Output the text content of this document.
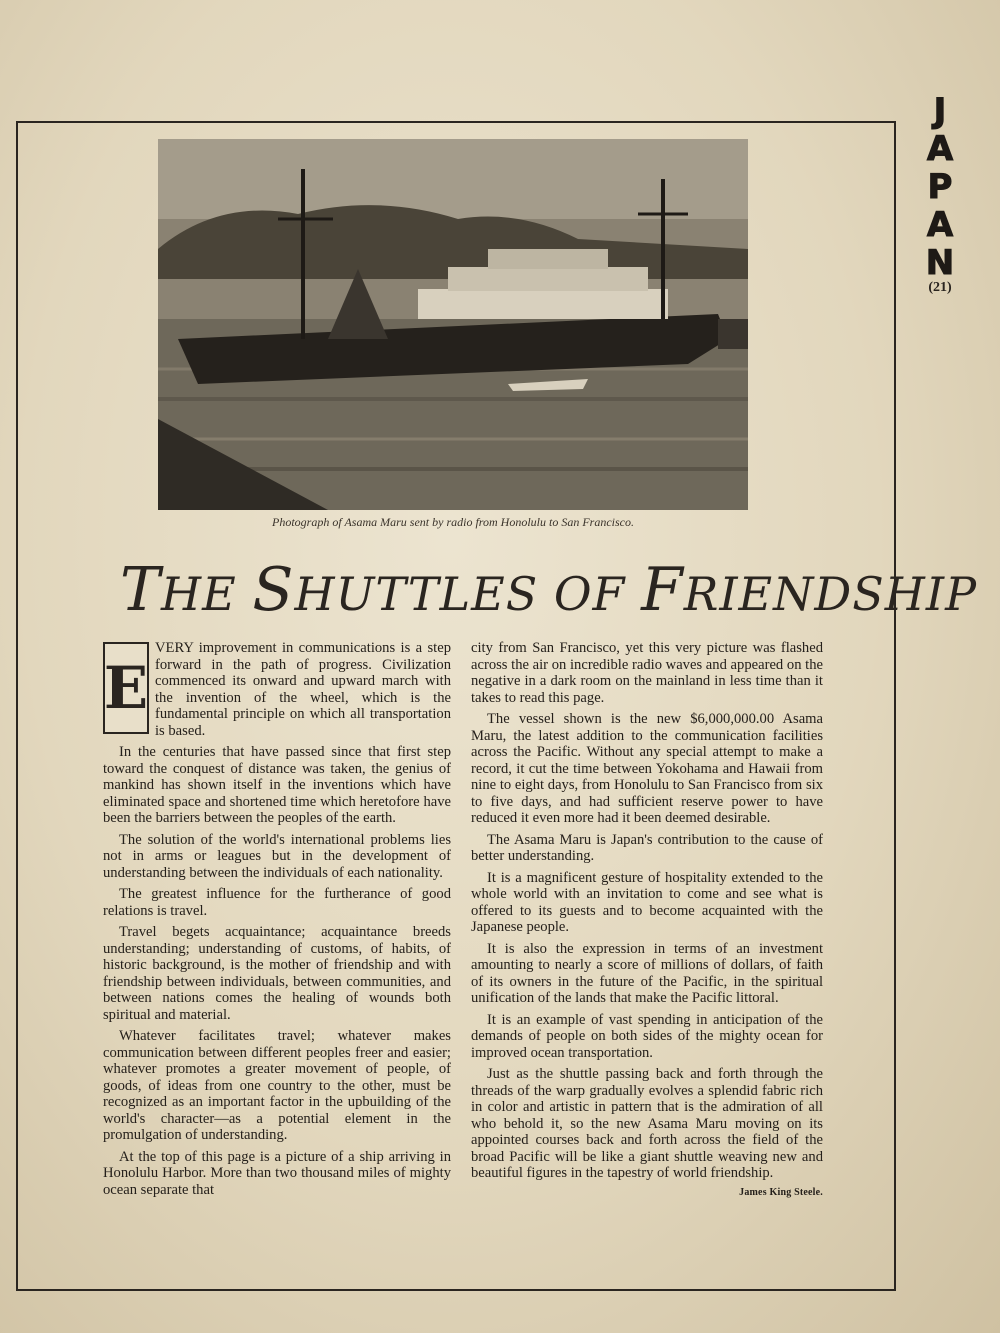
J
A
P
A
N
(21)
Photograph of Asama Maru sent by radio from Honolulu to San Francisco.
THE SHUTTLES OF FRIENDSHIP
E

VERY improvement in communications is a step forward in the path of progress. Civilization commenced its onward and upward march with the invention of the wheel, which is the fundamental principle on which all transportation is based.

In the centuries that have passed since that first step toward the conquest of distance was taken, the genius of mankind has shown itself in the inventions which have eliminated space and shortened time which heretofore have been the barriers between the peoples of the earth.

The solution of the world's international problems lies not in arms or leagues but in the development of understanding between the individuals of each nationality.

The greatest influence for the furtherance of good relations is travel.

Travel begets acquaintance; acquaintance breeds understanding; understanding of customs, of habits, of historic background, is the mother of friendship and with friendship between individuals, between communities, and between nations comes the healing of wounds both spiritual and material.

Whatever facilitates travel; whatever makes communication between different peoples freer and easier; whatever promotes a greater movement of people, of goods, of ideas from one country to the other, must be recognized as an important factor in the upbuilding of the world's character—as a potential element in the promulgation of understanding.

At the top of this page is a picture of a ship arriving in Honolulu Harbor. More than two thousand miles of mighty ocean separate that

city from San Francisco, yet this very picture was flashed across the air on incredible radio waves and appeared on the negative in a dark room on the mainland in less time than it takes to read this page.

The vessel shown is the new $6,000,000.00 Asama Maru, the latest addition to the communication facilities across the Pacific. Without any special attempt to make a record, it cut the time between Yokohama and Hawaii from nine to eight days, from Honolulu to San Francisco from six to five days, and had sufficient reserve power to have reduced it even more had it been deemed desirable.

The Asama Maru is Japan's contribution to the cause of better understanding.

It is a magnificent gesture of hospitality extended to the whole world with an invitation to come and see what is offered to its guests and to become acquainted with the Japanese people.

It is also the expression in terms of an investment amounting to nearly a score of millions of dollars, of faith of its owners in the future of the Pacific, in the spiritual unification of the lands that make the Pacific littoral.

It is an example of vast spending in anticipation of the demands of people on both sides of the mighty ocean for improved ocean transportation.

Just as the shuttle passing back and forth through the threads of the warp gradually evolves a splendid fabric rich in color and artistic in pattern that is the admiration of all who behold it, so the new Asama Maru moving on its appointed courses back and forth across the field of the broad Pacific will be like a giant shuttle weaving new and beautiful figures in the tapestry of world friendship.
James King Steele.
